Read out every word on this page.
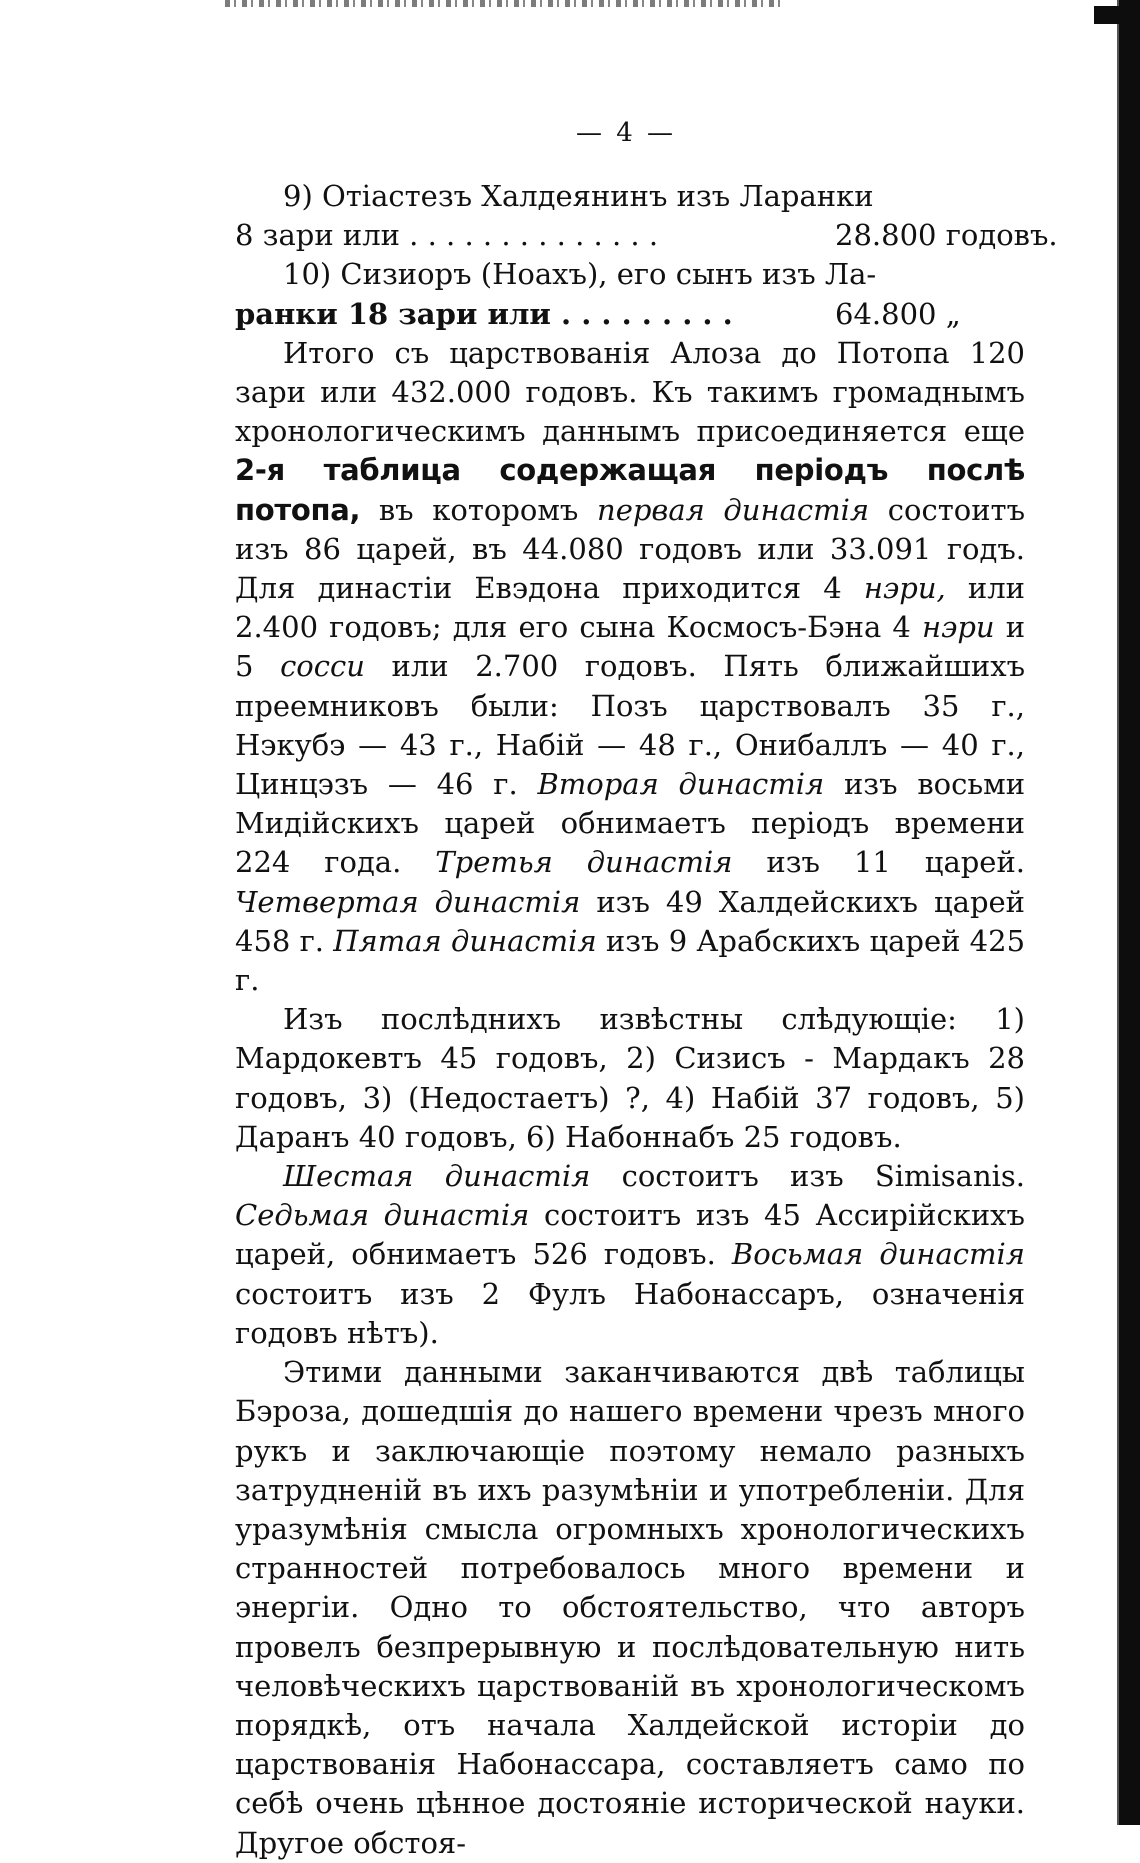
— 4 —

9) Отіастезъ Халдеянинъ изъ Ларанки

8 зари или . . . . . . . . . . . . . .	28.800 годовъ.

10) Сизиоръ (Ноахъ), его сынъ изъ Ла-

ранки 18 зари или . . . . . . . . .	64.800 „

Итого съ царствованія Алоза до Потопа 120 зари или 432.000 годовъ. Къ такимъ громаднымъ хронологическимъ даннымъ присоединяется еще 2-я таблица содержащая періодъ послѣ потопа, въ которомъ первая династія состоитъ изъ 86 царей, въ 44.080 годовъ или 33.091 годъ. Для династіи Евэдона приходится 4 нэри, или 2.400 годовъ; для его сына Космосъ-Бэна 4 нэри и 5 сосси или 2.700 годовъ. Пять ближайшихъ преемниковъ были: Позъ царствовалъ 35 г., Нэкубэ — 43 г., Набій — 48 г., Онибаллъ — 40 г., Цинцэзъ — 46 г. Вторая династія изъ восьми Мидійскихъ царей обнимаетъ періодъ времени 224 года. Третья династія изъ 11 царей. Четвертая династія изъ 49 Халдейскихъ царей 458 г. Пятая династія изъ 9 Арабскихъ царей 425 г.

Изъ послѣднихъ извѣстны слѣдующіе: 1) Мардокевтъ 45 годовъ, 2) Сизисъ - Мардакъ 28 годовъ, 3) (Недостаетъ) ?, 4) Набій 37 годовъ, 5) Даранъ 40 годовъ, 6) Набоннабъ 25 годовъ.

Шестая династія состоитъ изъ Simisanis. Седьмая династія состоитъ изъ 45 Ассирійскихъ царей, обнимаетъ 526 годовъ. Восьмая династія состоитъ изъ 2 Фулъ Набонассаръ, означенія годовъ нѣтъ).

Этими данными заканчиваются двѣ таблицы Бэроза, дошедшія до нашего времени чрезъ много рукъ и заключающіе поэтому немало разныхъ затрудненій въ ихъ разумѣніи и употребленіи. Для уразумѣнія смысла огромныхъ хронологическихъ странностей потребовалось много времени и энергіи. Одно то обстоятельство, что авторъ провелъ безпрерывную и послѣдовательную нить человѣческихъ царствованій въ хронологическомъ порядкѣ, отъ начала Халдейской исторіи до царствованія Набонассара, составляетъ само по себѣ очень цѣнное достояніе исторической науки. Другое обстоя-
